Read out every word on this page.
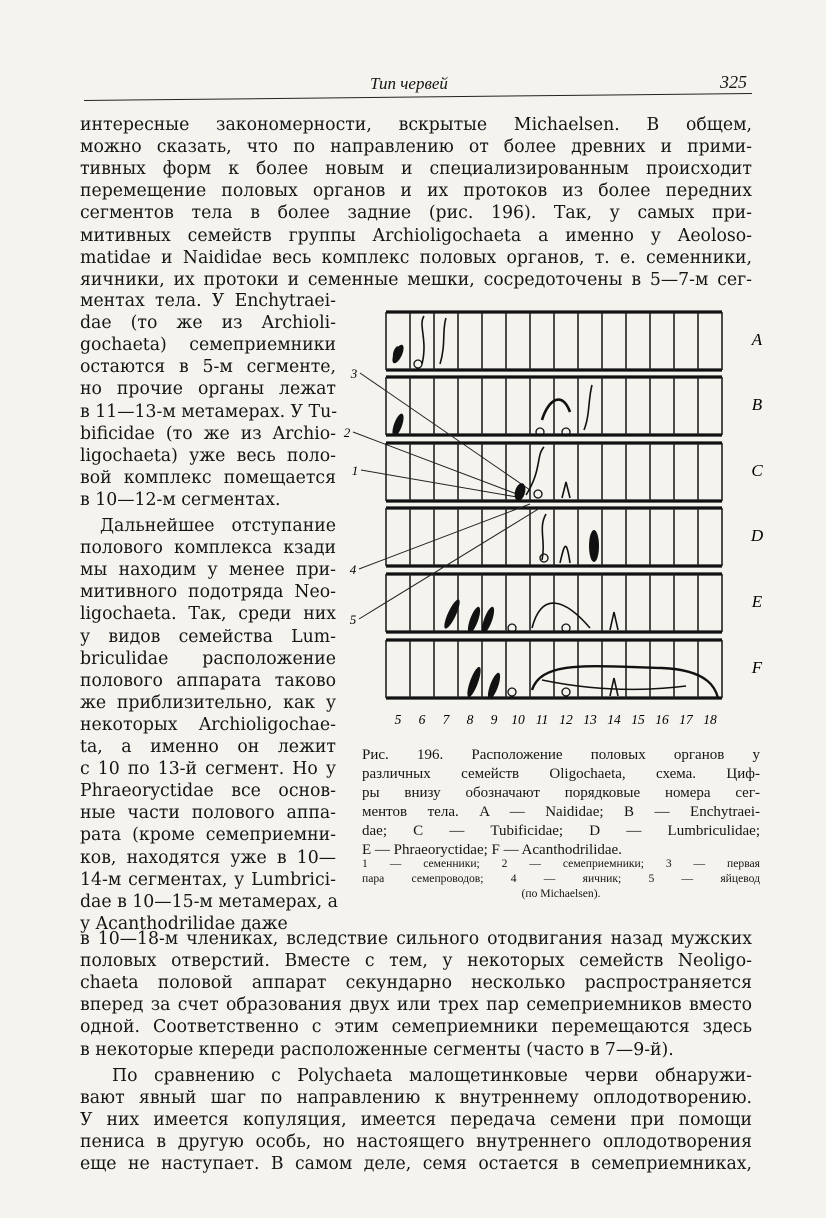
Тип червей	325
интересные закономерности, вскрытые Michaelsen. В общем,
можно сказать, что по направлению от более древних и прими-
тивных форм к более новым и специализированным происходит
перемещение половых органов и их протоков из более передних
сегментов тела в более задние (рис. 196). Так, у самых при-
митивных семейств группы Archioligochaeta а именно у Aeoloso-
matidae и Naididae весь комплекс половых органов, т. е. семенники,
яичники, их протоки и семенные мешки, сосредоточены в 5—7-м сег-
ментах тела. У Enchytraei-
dae (то же из Archioli-
gochaeta) семеприемники
остаются в 5-м сегменте,
но прочие органы лежат
в 11—13-м метамерах. У Tu-
bificidae (то же из Archio-
ligochaeta) уже весь поло-
вой комплекс помещается
в 10—12-м сегментах.
Дальнейшее отступание
полового комплекса кзади
мы находим у менее при-
митивного подотряда Neo-
ligochaeta. Так, среди них
у видов семейства Lum-
briculidae расположение
полового аппарата таково
же приблизительно, как у
некоторых Archioligochae-
ta, а именно он лежит
с 10 по 13-й сегмент. Но у
Phraeoryctidae все основ-
ные части полового аппа-
рата (кроме семеприемни-
ков, находятся уже в 10—
14-м сегментах, у Lumbrici-
dae в 10—15-м метамерах, а
у Acanthodrilidae даже
в 10—18-м члениках, вследствие сильного отодвигания назад мужских
половых отверстий. Вместе с тем, у некоторых семейств Neoligo-
chaeta половой аппарат секундарно несколько распространяется
вперед за счет образования двух или трех пар семеприемников вместо
одной. Соответственно с этим семеприемники перемещаются здесь
в некоторые кпереди расположенные сегменты (часто в 7—9-й).
По сравнению с Polychaeta малощетинковые черви обнаружи-
вают явный шаг по направлению к внутреннему оплодотворению.
У них имеется копуляция, имеется передача семени при помощи
пениса в другую особь, но настоящего внутреннего оплодотворения
еще не наступает. В самом деле, семя остается в семеприемниках,
A
B
C
D
E
F
5 6 7 8 9 10 11 12 13 14 15 16 17 18
3
2
1
4
5
Рис. 196. Расположение половых органов у
различных семейств Oligochaeta, схема. Циф-
ры внизу обозначают порядковые номера сег-
ментов тела. A — Naididae; B — Enchytraei-
dae; C — Tubificidae; D — Lumbriculidae;
E — Phraeoryctidae; F — Acanthodrilidae.
1 — семенники; 2 — семеприемники; 3 — первая
пара семепроводов; 4 — яичник; 5 — яйцевод
(по Michaelsen).
